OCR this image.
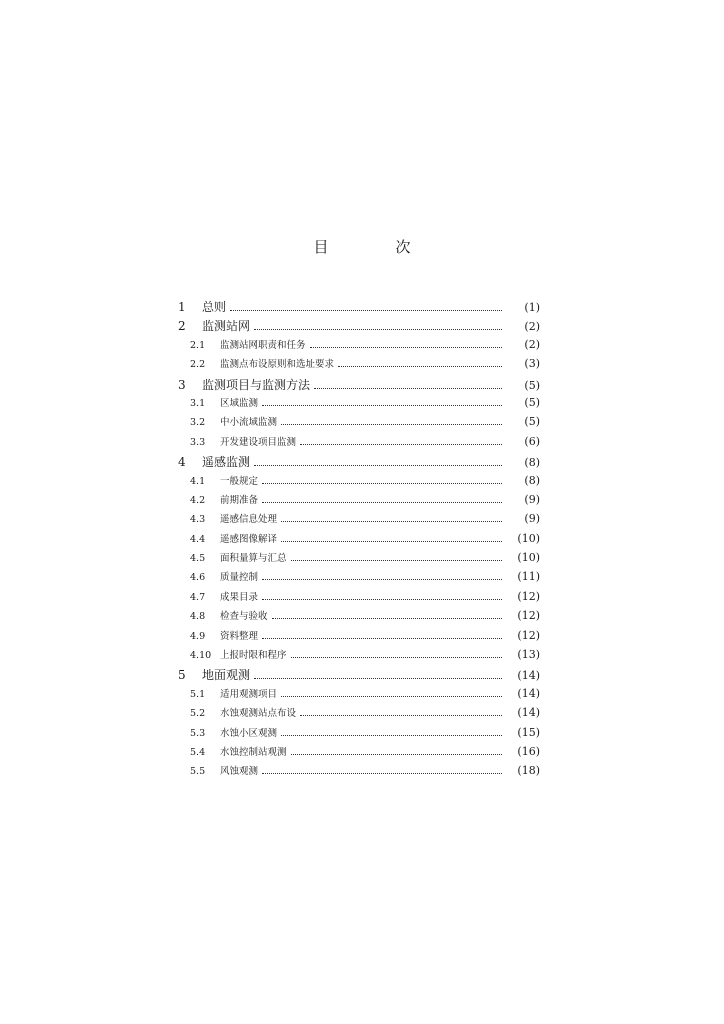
目　次
1	总则	(1)
2	监测站网	(2)
2.1	监测站网职责和任务	(2)
2.2	监测点布设原则和选址要求	(3)
3	监测项目与监测方法	(5)
3.1	区域监测	(5)
3.2	中小流域监测	(5)
3.3	开发建设项目监测	(6)
4	遥感监测	(8)
4.1	一般规定	(8)
4.2	前期准备	(9)
4.3	遥感信息处理	(9)
4.4	遥感图像解译	(10)
4.5	面积量算与汇总	(10)
4.6	质量控制	(11)
4.7	成果目录	(12)
4.8	检查与验收	(12)
4.9	资料整理	(12)
4.10 上报时限和程序	(13)
5	地面观测	(14)
5.1	适用观测项目	(14)
5.2	水蚀观测站点布设	(14)
5.3	水蚀小区观测	(15)
5.4	水蚀控制站观测	(16)
5.5	风蚀观测	(18)
